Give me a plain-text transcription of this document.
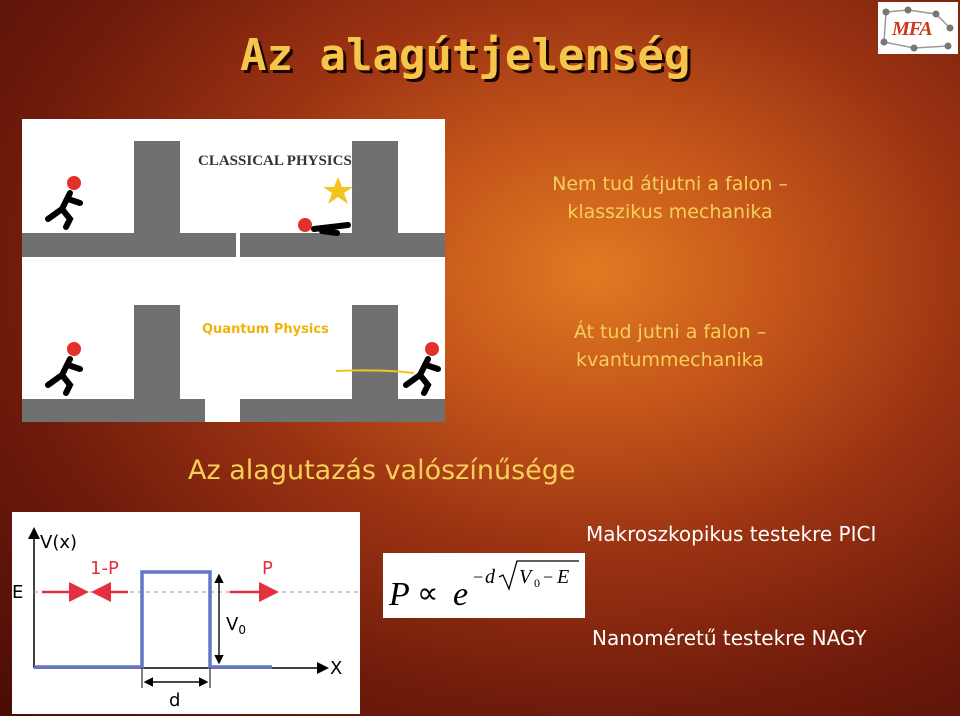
Az alagútjelenség
MFA
CLASSICAL PHYSICS
Quantum Physics
Nem tud átjutni a falon –
klasszikus mechanika
Át tud jutni a falon –
kvantummechanika
Az alagutazás valószínűsége
V(x)
X
E
1-P	P
$V_0$
d
P ∝ e − d V 0 − E
Makroszkopikus testekre PICI
Nanoméretű testekre NAGY
